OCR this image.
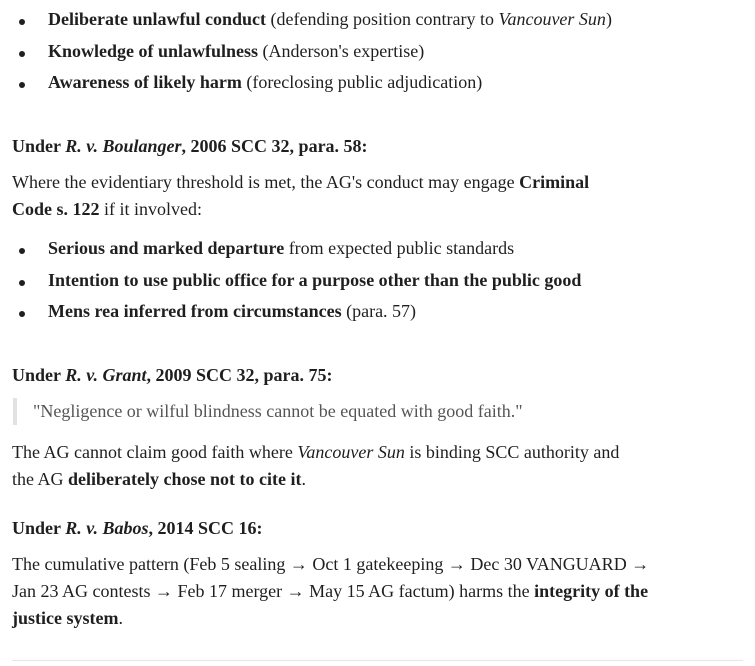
Deliberate unlawful conduct (defending position contrary to Vancouver Sun)
Knowledge of unlawfulness (Anderson's expertise)
Awareness of likely harm (foreclosing public adjudication)
Under R. v. Boulanger, 2006 SCC 32, para. 58:
Where the evidentiary threshold is met, the AG's conduct may engage Criminal
Code s. 122 if it involved:
Serious and marked departure from expected public standards
Intention to use public office for a purpose other than the public good
Mens rea inferred from circumstances (para. 57)
Under R. v. Grant, 2009 SCC 32, para. 75:
"Negligence or wilful blindness cannot be equated with good faith."
The AG cannot claim good faith where Vancouver Sun is binding SCC authority and
the AG deliberately chose not to cite it.
Under R. v. Babos, 2014 SCC 16:
The cumulative pattern (Feb 5 sealing → Oct 1 gatekeeping → Dec 30 VANGUARD →
Jan 23 AG contests → Feb 17 merger → May 15 AG factum) harms the integrity of the
justice system.
